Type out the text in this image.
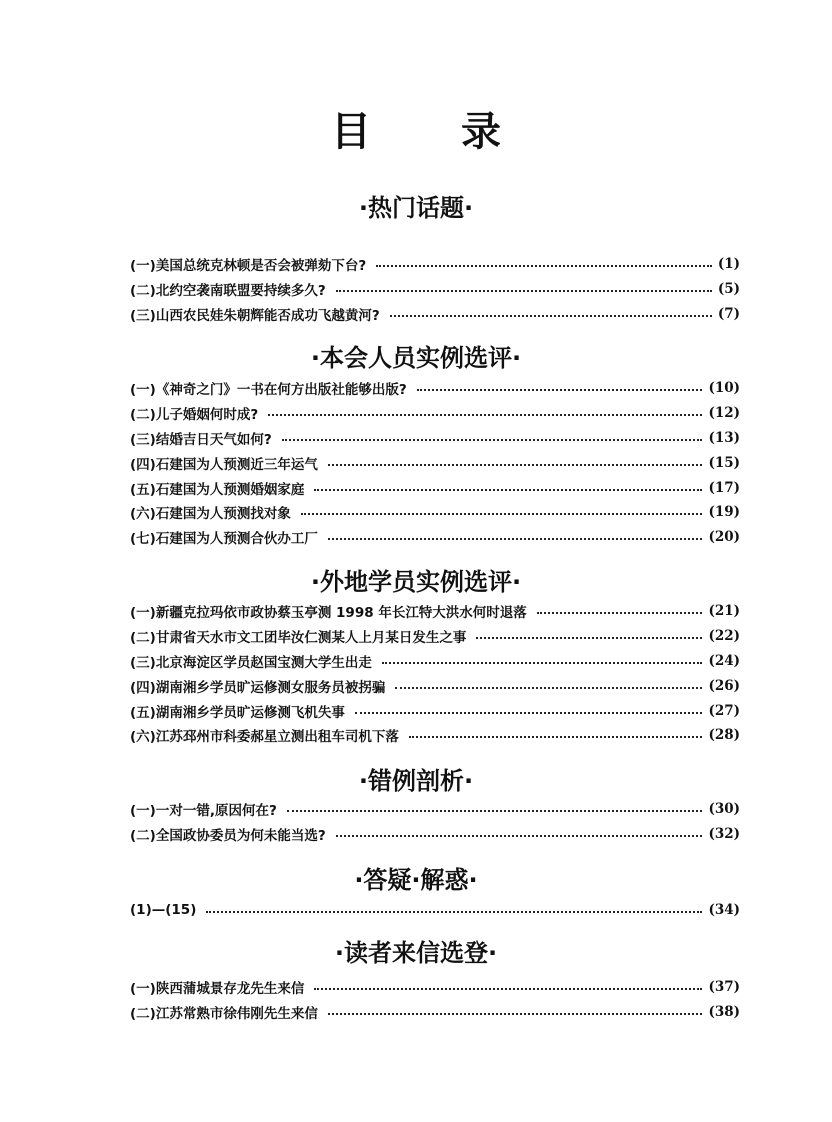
目 录
·热门话题·
(一)美国总统克林顿是否会被弹劾下台?	(1)
(二)北约空袭南联盟要持续多久?	(5)
(三)山西农民娃朱朝辉能否成功飞越黄河?	(7)
·本会人员实例选评·
(一)《神奇之门》一书在何方出版社能够出版?	(10)
(二)儿子婚姻何时成?	(12)
(三)结婚吉日天气如何?	(13)
(四)石建国为人预测近三年运气	(15)
(五)石建国为人预测婚姻家庭	(17)
(六)石建国为人预测找对象	(19)
(七)石建国为人预测合伙办工厂	(20)
·外地学员实例选评·
(一)新疆克拉玛依市政协蔡玉亭测 1998 年长江特大洪水何时退落	(21)
(二)甘肃省天水市文工团毕汝仁测某人上月某日发生之事	(22)
(三)北京海淀区学员赵国宝测大学生出走	(24)
(四)湖南湘乡学员旷运修测女服务员被拐骗	(26)
(五)湖南湘乡学员旷运修测飞机失事	(27)
(六)江苏邳州市科委郝星立测出租车司机下落	(28)
·错例剖析·
(一)一对一错,原因何在?	(30)
(二)全国政协委员为何未能当选?	(32)
·答疑·解惑·
(1)—(15)	(34)
·读者来信选登·
(一)陕西蒲城景存龙先生来信	(37)
(二)江苏常熟市徐伟刚先生来信	(38)
